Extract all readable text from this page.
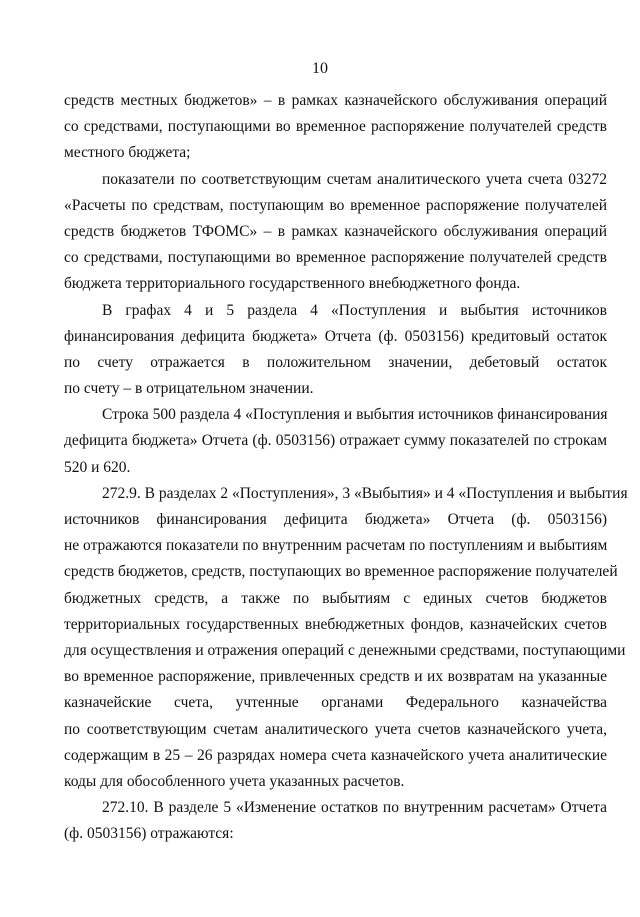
10

средств местных бюджетов» – в рамках казначейского обслуживания операций
со средствами, поступающими во временное распоряжение получателей средств
местного бюджета;

показатели по соответствующим счетам аналитического учета счета 03272
«Расчеты по средствам, поступающим во временное распоряжение получателей
средств бюджетов ТФОМС» – в рамках казначейского обслуживания операций
со средствами, поступающими во временное распоряжение получателей средств
бюджета территориального государственного внебюджетного фонда.

В графах 4 и 5 раздела 4 «Поступления и выбытия источников
финансирования дефицита бюджета» Отчета (ф. 0503156) кредитовый остаток
по счету отражается в положительном значении, дебетовый остаток
по счету – в отрицательном значении.

Строка 500 раздела 4 «Поступления и выбытия источников финансирования
дефицита бюджета» Отчета (ф. 0503156) отражает сумму показателей по строкам
520 и 620.

272.9. В разделах 2 «Поступления», 3 «Выбытия» и 4 «Поступления и выбытия
источников финансирования дефицита бюджета» Отчета (ф. 0503156)
не отражаются показатели по внутренним расчетам по поступлениям и выбытиям
средств бюджетов, средств, поступающих во временное распоряжение получателей
бюджетных средств, а также по выбытиям с единых счетов бюджетов
территориальных государственных внебюджетных фондов, казначейских счетов
для осуществления и отражения операций с денежными средствами, поступающими
во временное распоряжение, привлеченных средств и их возвратам на указанные
казначейские счета, учтенные органами Федерального казначейства
по соответствующим счетам аналитического учета счетов казначейского учета,
содержащим в 25 – 26 разрядах номера счета казначейского учета аналитические
коды для обособленного учета указанных расчетов.

272.10. В разделе 5 «Изменение остатков по внутренним расчетам» Отчета
(ф. 0503156) отражаются:
